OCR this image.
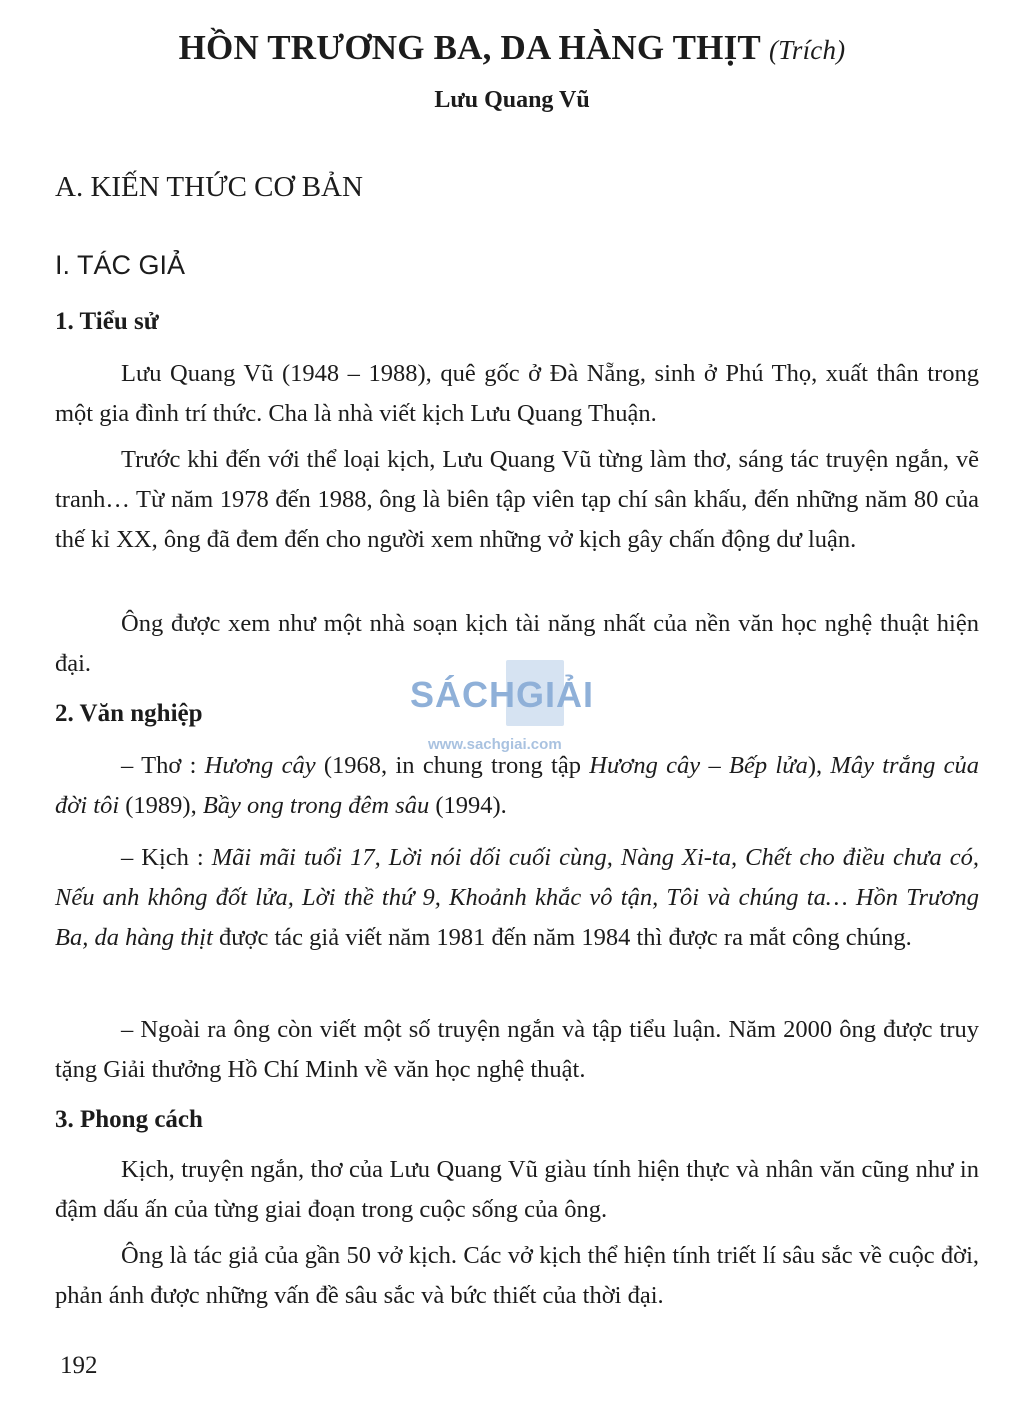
HỒN TRƯƠNG BA, DA HÀNG THỊT (Trích)
Lưu Quang Vũ
A. KIẾN THỨC CƠ BẢN
I. TÁC GIẢ
1. Tiểu sử
Lưu Quang Vũ (1948 – 1988), quê gốc ở Đà Nẵng, sinh ở Phú Thọ, xuất thân trong một gia đình trí thức. Cha là nhà viết kịch Lưu Quang Thuận.
Trước khi đến với thể loại kịch, Lưu Quang Vũ từng làm thơ, sáng tác truyện ngắn, vẽ tranh… Từ năm 1978 đến 1988, ông là biên tập viên tạp chí sân khấu, đến những năm 80 của thế kỉ XX, ông đã đem đến cho người xem những vở kịch gây chấn động dư luận.
Ông được xem như một nhà soạn kịch tài năng nhất của nền văn học nghệ thuật hiện đại.
2. Văn nghiệp
– Thơ : Hương cây (1968, in chung trong tập Hương cây – Bếp lửa), Mây trắng của đời tôi (1989), Bầy ong trong đêm sâu (1994).
– Kịch : Mãi mãi tuổi 17, Lời nói dối cuối cùng, Nàng Xi-ta, Chết cho điều chưa có, Nếu anh không đốt lửa, Lời thề thứ 9, Khoảnh khắc vô tận, Tôi và chúng ta… Hồn Trương Ba, da hàng thịt được tác giả viết năm 1981 đến năm 1984 thì được ra mắt công chúng.
– Ngoài ra ông còn viết một số truyện ngắn và tập tiểu luận. Năm 2000 ông được truy tặng Giải thưởng Hồ Chí Minh về văn học nghệ thuật.
3. Phong cách
Kịch, truyện ngắn, thơ của Lưu Quang Vũ giàu tính hiện thực và nhân văn cũng như in đậm dấu ấn của từng giai đoạn trong cuộc sống của ông.
Ông là tác giả của gần 50 vở kịch. Các vở kịch thể hiện tính triết lí sâu sắc về cuộc đời, phản ánh được những vấn đề sâu sắc và bức thiết của thời đại.
SÁCHGIẢI
www.sachgiai.com
192
